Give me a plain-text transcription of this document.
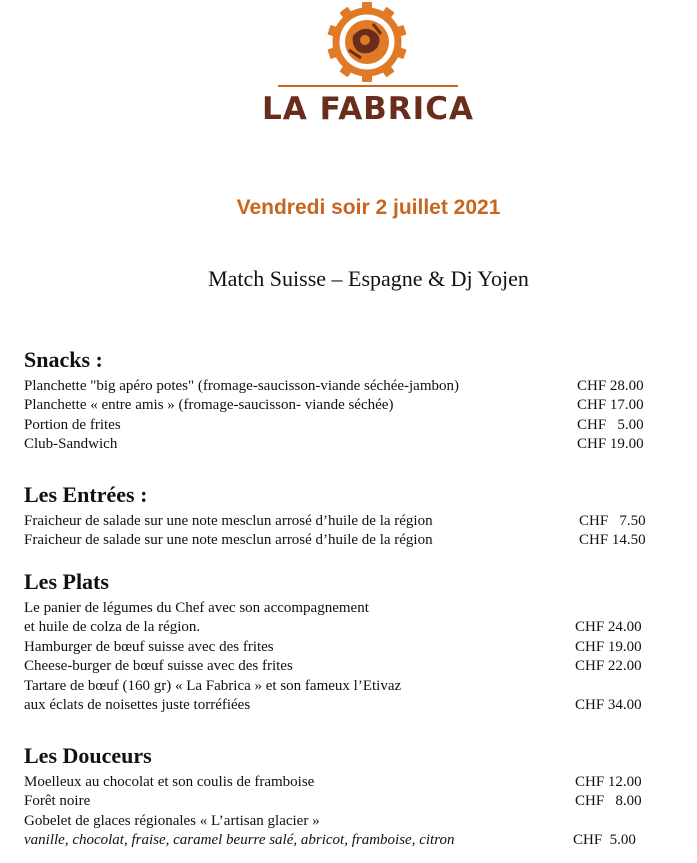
LA FABRICA
Vendredi soir 2 juillet 2021
Match Suisse – Espagne & Dj Yojen
Snacks :
Planchette "big apéro potes" (fromage-saucisson-viande séchée-jambon)	CHF 28.00
Planchette « entre amis » (fromage-saucisson- viande séchée)	CHF 17.00
Portion de frites	CHF   5.00
Club-Sandwich	CHF 19.00
Les Entrées :
Fraicheur de salade sur une note mesclun arrosé d’huile de la région	CHF   7.50
Fraicheur de salade sur une note mesclun arrosé d’huile de la région	CHF 14.50
Les Plats
Le panier de légumes du Chef avec son accompagnement
et huile de colza de la région.	CHF 24.00
Hamburger de bœuf suisse avec des frites	CHF 19.00
Cheese-burger de bœuf suisse avec des frites	CHF 22.00
Tartare de bœuf (160 gr) « La Fabrica » et son fameux l’Etivaz
aux éclats de noisettes juste torréfiées	CHF 34.00
Les Douceurs
Moelleux au chocolat et son coulis de framboise	CHF 12.00
Forêt noire	CHF   8.00
Gobelet de glaces régionales « L’artisan glacier »
vanille, chocolat, fraise, caramel beurre salé, abricot, framboise, citron	CHF  5.00
